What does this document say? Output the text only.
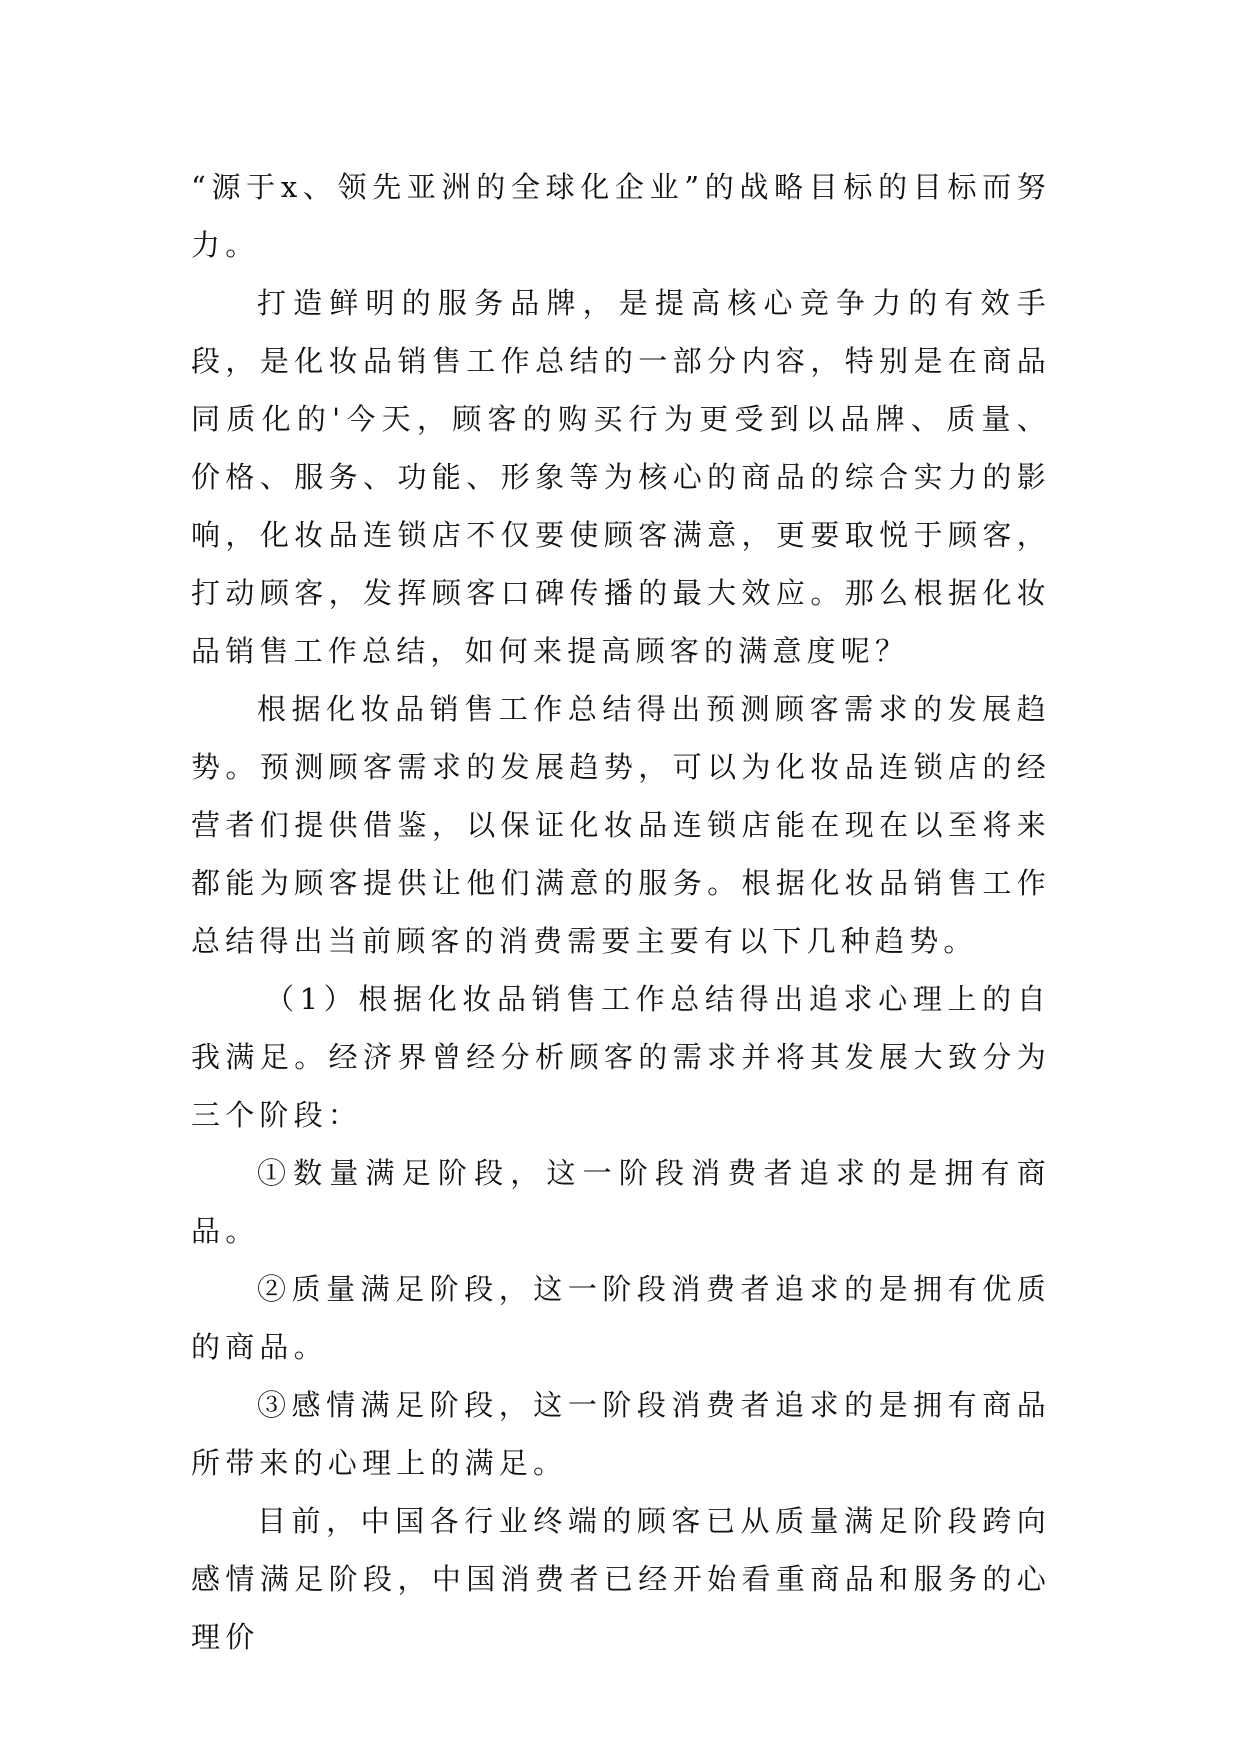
“源于x、领先亚洲的全球化企业”的战略目标的目标而努力。

打造鲜明的服务品牌，是提高核心竞争力的有效手段，是化妆品销售工作总结的一部分内容，特别是在商品同质化的'今天，顾客的购买行为更受到以品牌、质量、价格、服务、功能、形象等为核心的商品的综合实力的影响，化妆品连锁店不仅要使顾客满意，更要取悦于顾客，打动顾客，发挥顾客口碑传播的最大效应。那么根据化妆品销售工作总结，如何来提高顾客的满意度呢？

根据化妆品销售工作总结得出预测顾客需求的发展趋势。预测顾客需求的发展趋势，可以为化妆品连锁店的经营者们提供借鉴，以保证化妆品连锁店能在现在以至将来都能为顾客提供让他们满意的服务。根据化妆品销售工作总结得出当前顾客的消费需要主要有以下几种趋势。

（1）根据化妆品销售工作总结得出追求心理上的自我满足。经济界曾经分析顾客的需求并将其发展大致分为三个阶段：

①数量满足阶段，这一阶段消费者追求的是拥有商品。

②质量满足阶段，这一阶段消费者追求的是拥有优质的商品。

③感情满足阶段，这一阶段消费者追求的是拥有商品所带来的心理上的满足。

目前，中国各行业终端的顾客已从质量满足阶段跨向感情满足阶段，中国消费者已经开始看重商品和服务的心理价
